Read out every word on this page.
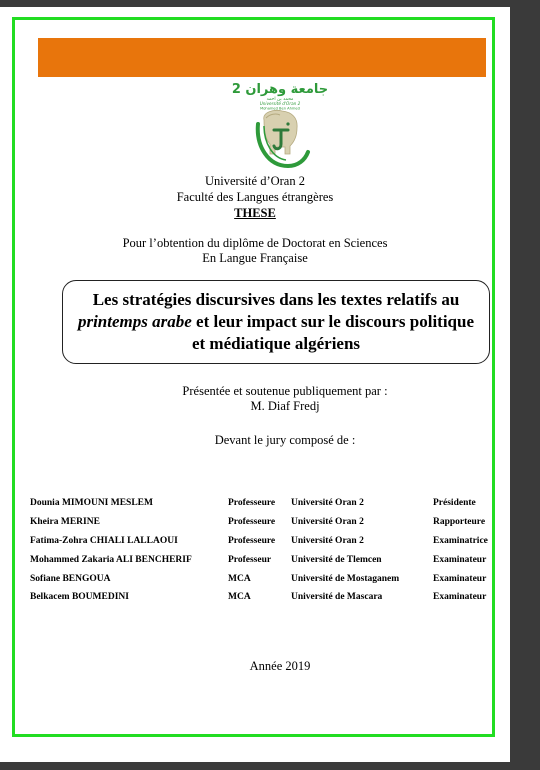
جامعة وهران 2
محمد بن احمد
Université d'Oran 2
Mohamed Ben Ahmed
Université d’Oran 2
Faculté des Langues étrangères
THESE
Pour l’obtention du diplôme de Doctorat en Sciences
En Langue Française
Les stratégies discursives dans les textes relatifs au printemps arabe et leur impact sur le discours politique et médiatique algériens
Présentée et soutenue publiquement par :
M. Diaf Fredj
Devant le jury composé de :
Dounia MIMOUNI MESLEM	Professeure	Université Oran 2	Présidente
Kheira MERINE	Professeure	Université Oran 2	Rapporteure
Fatima-Zohra CHIALI LALLAOUI	Professeure	Université Oran 2	Examinatrice
Mohammed Zakaria ALI BENCHERIF	Professeur	Université de Tlemcen	Examinateur
Sofiane BENGOUA	MCA	Université de Mostaganem	Examinateur
Belkacem BOUMEDINI	MCA	Université de Mascara	Examinateur
Année 2019
